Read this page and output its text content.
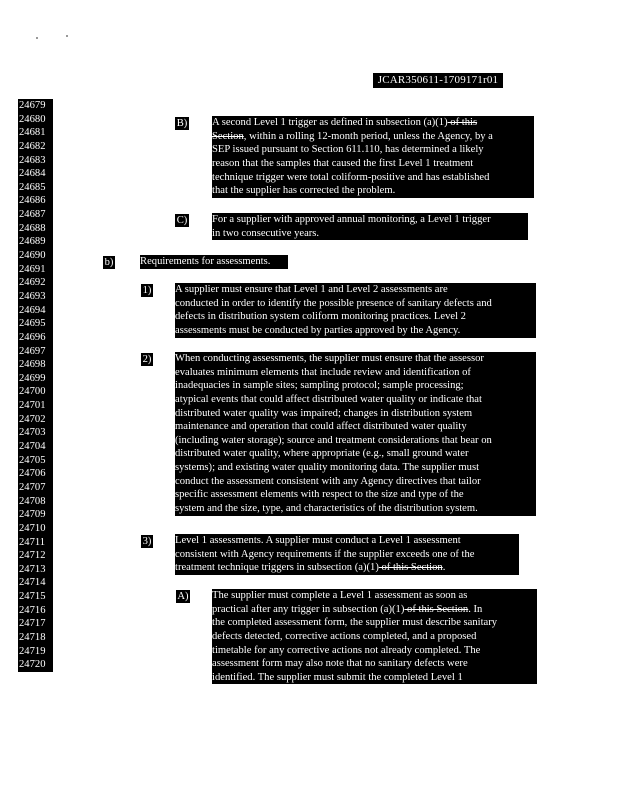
JCAR350611-1709171r01
24679
24680
24681
24682
24683
24684
24685
24686
24687
24688
24689
24690
24691
24692
24693
24694
24695
24696
24697
24698
24699
24700
24701
24702
24703
24704
24705
24706
24707
24708
24709
24710
24711
24712
24713
24714
24715
24716
24717
24718
24719
24720
B) A second Level 1 trigger as defined in subsection (a)(1) of this
Section, within a rolling 12-month period, unless the Agency, by a
SEP issued pursuant to Section 611.110, has determined a likely
reason that the samples that caused the first Level 1 treatment
technique trigger were total coliform-positive and has established
that the supplier has corrected the problem.
C) For a supplier with approved annual monitoring, a Level 1 trigger
in two consecutive years.
b)	Requirements for assessments.
1) A supplier must ensure that Level 1 and Level 2 assessments are
conducted in order to identify the possible presence of sanitary defects and
defects in distribution system coliform monitoring practices. Level 2
assessments must be conducted by parties approved by the Agency.
2) When conducting assessments, the supplier must ensure that the assessor
evaluates minimum elements that include review and identification of
inadequacies in sample sites; sampling protocol; sample processing;
atypical events that could affect distributed water quality or indicate that
distributed water quality was impaired; changes in distribution system
maintenance and operation that could affect distributed water quality
(including water storage); source and treatment considerations that bear on
distributed water quality, where appropriate (e.g., small ground water
systems); and existing water quality monitoring data. The supplier must
conduct the assessment consistent with any Agency directives that tailor
specific assessment elements with respect to the size and type of the
system and the size, type, and characteristics of the distribution system.
3) Level 1 assessments. A supplier must conduct a Level 1 assessment
consistent with Agency requirements if the supplier exceeds one of the
treatment technique triggers in subsection (a)(1) of this Section.
A) The supplier must complete a Level 1 assessment as soon as
practical after any trigger in subsection (a)(1) of this Section. In
the completed assessment form, the supplier must describe sanitary
defects detected, corrective actions completed, and a proposed
timetable for any corrective actions not already completed. The
assessment form may also note that no sanitary defects were
identified. The supplier must submit the completed Level 1
